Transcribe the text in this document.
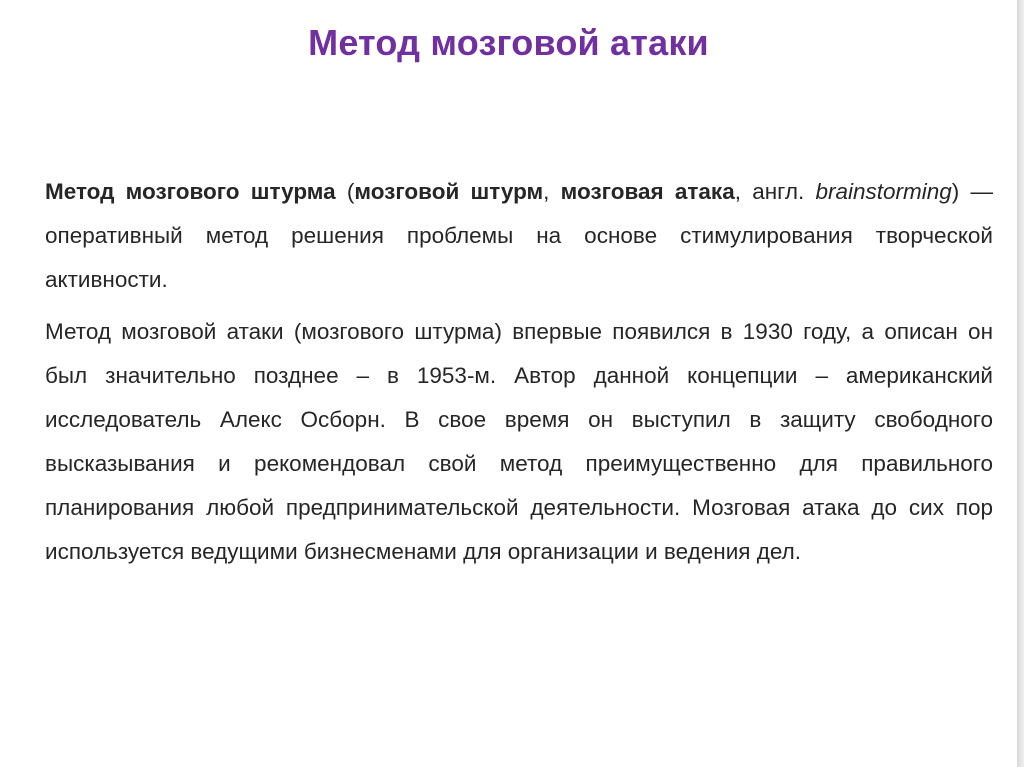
Метод мозговой атаки

Метод мозгового штурма (мозговой штурм, мозговая атака, англ. brainstorming) — оперативный метод решения проблемы на основе стимулирования творческой активности.

Метод мозговой атаки (мозгового штурма) впервые появился в 1930 году, а описан он был значительно позднее – в 1953-м. Автор данной концепции – американский исследователь Алекс Осборн. В свое время он выступил в защиту свободного высказывания и рекомендовал свой метод преимущественно для правильного планирования любой предпринимательской деятельности. Мозговая атака до сих пор используется ведущими бизнесменами для организации и ведения дел.
